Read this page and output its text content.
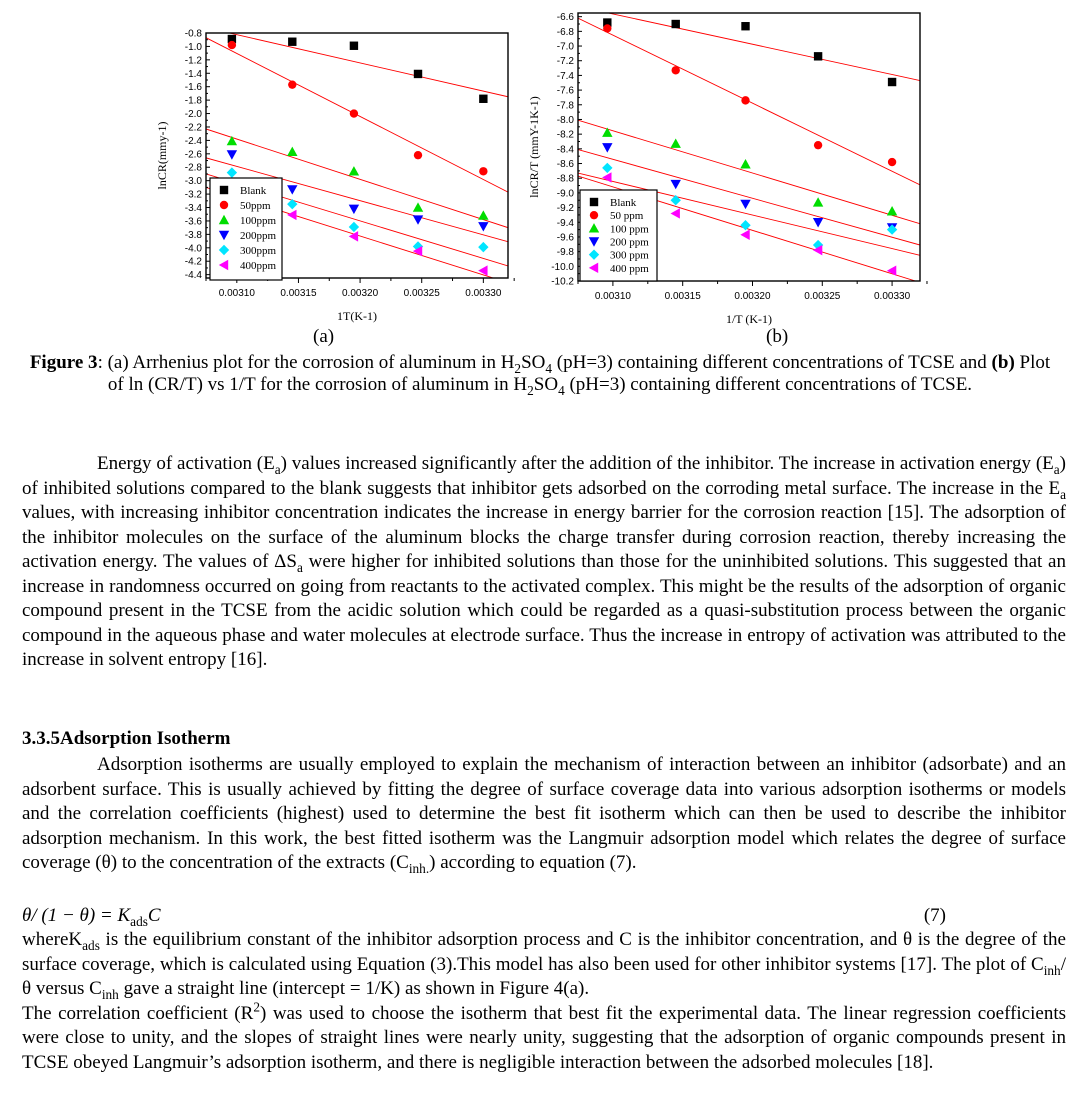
-0.8
-1.0
-1.2
-1.4
-1.6
-1.8
-2.0
-2.2
-2.4
-2.6
-2.8
-3.0
-3.2
-3.4
-3.6
-3.8
-4.0
-4.2
-4.4
0.00310	0.00315	0.00320	0.00325	0.00330
1T(K-1)
lnCR(mmy-1)
Blank
50ppm
100ppm
200ppm
300ppm
400ppm
-6.6
-6.8
-7.0
-7.2
-7.4
-7.6
-7.8
-8.0
-8.2
-8.4
-8.6
-8.8
-9.0
-9.2
-9.4
-9.6
-9.8
-10.0
-10.2
0.00310	0.00315	0.00320	0.00325	0.00330
1/T (K-1)
lnCR/T (mmY-1K-1)
Blank
50 ppm
100 ppm
200 ppm
300 ppm
400 ppm
(a)	(b)
Figure 3: (a) Arrhenius plot for the corrosion of aluminum in $H_2SO_4$ (pH=3) containing different concentrations of TCSE and (b) Plot of ln (CR/T) vs 1/T for the corrosion of aluminum in $H_2SO_4$ (pH=3) containing different concentrations of TCSE.
Energy of activation $(E_a)$ values increased significantly after the addition of the inhibitor. The increase in activation energy $(E_a)$ of inhibited solutions compared to the blank suggests that inhibitor gets adsorbed on the corroding metal surface. The increase in the $E_a$ values, with increasing inhibitor concentration indicates the increase in energy barrier for the corrosion reaction [15]. The adsorption of the inhibitor molecules on the surface of the aluminum blocks the charge transfer during corrosion reaction, thereby increasing the activation energy. The values of $\Delta S_a$ were higher for inhibited solutions than those for the uninhibited solutions. This suggested that an increase in randomness occurred on going from reactants to the activated complex. This might be the results of the adsorption of organic compound present in the TCSE from the acidic solution which could be regarded as a quasi-substitution process between the organic compound in the aqueous phase and water molecules at electrode surface. Thus the increase in entropy of activation was attributed to the increase in solvent entropy [16].
3.3.5Adsorption Isotherm
Adsorption isotherms are usually employed to explain the mechanism of interaction between an inhibitor (adsorbate) and an adsorbent surface. This is usually achieved by fitting the degree of surface coverage data into various adsorption isotherms or models and the correlation coefficients (highest) used to determine the best fit isotherm which can then be used to describe the inhibitor adsorption mechanism. In this work, the best fitted isotherm was the Langmuir adsorption model which relates the degree of surface coverage (θ) to the concentration of the extracts $(C_{inh.})$ according to equation (7).
θ/ $(1 - \theta) = K_{ads}C$	(7)
whereK$_{ads}$ is the equilibrium constant of the inhibitor adsorption process and C is the inhibitor concentration, and θ is the degree of the surface coverage, which is calculated using Equation (3).This model has also been used for other inhibitor systems [17]. The plot of $C_{inh}/\theta$ versus $C_{inh}$ gave a straight line (intercept = 1/K) as shown in Figure 4(a).
The correlation coefficient $(R^2)$ was used to choose the isotherm that best fit the experimental data. The linear regression coefficients were close to unity, and the slopes of straight lines were nearly unity, suggesting that the adsorption of organic compounds present in TCSE obeyed Langmuir’s adsorption isotherm, and there is negligible interaction between the adsorbed molecules [18].
